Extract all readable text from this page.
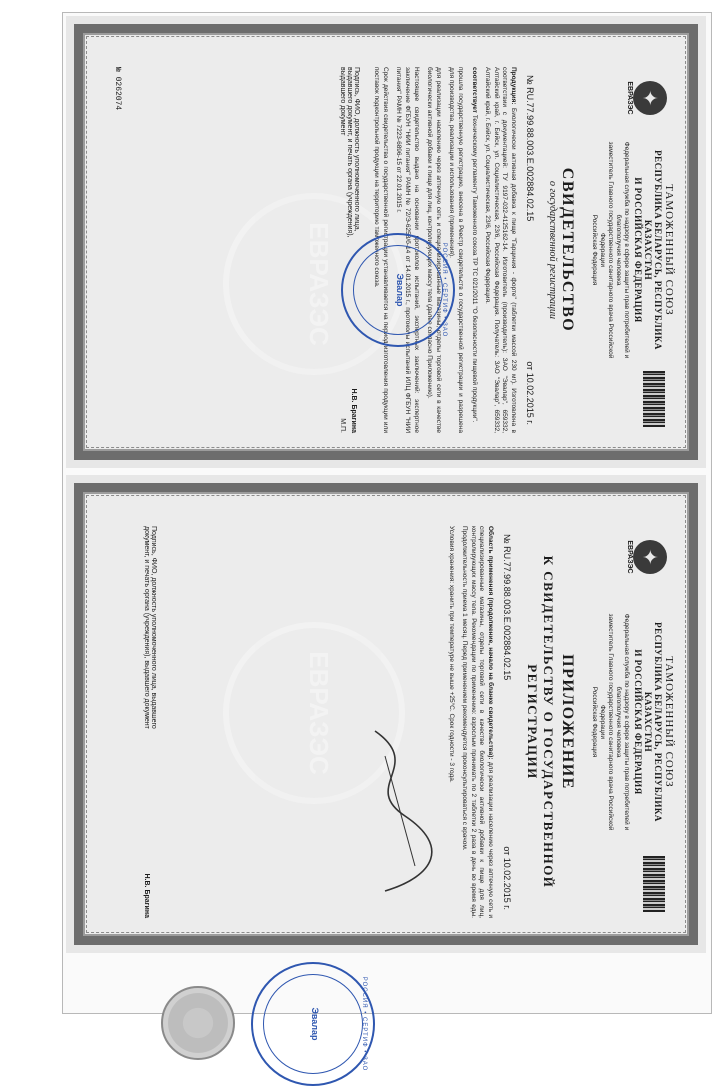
ЕВРАЗЭС
✦
ЕВРАЗЭС
ТАМОЖЕННЫЙ СОЮЗ
РЕСПУБЛИКА БЕЛАРУСЬ, РЕСПУБЛИКА КАЗАХСТАН
И РОССИЙСКАЯ ФЕДЕРАЦИЯ
Федеральная служба по надзору в сфере защиты прав потребителей и благополучия человека
заместитель Главного государственного санитарного врача Российской Федерации
Российская Федерация
СВИДЕТЕЛЬСТВО
о государственной регистрации
№ RU.77.99.88.003.E.002884.02.15
от 10.02.2015 г.

Продукция: Биологически активная добавка к пище "Гарциния - форте" (таблетки массой 230 мг). Изготовлена в соответствии с документацией: ТУ 9197-032-4125162-14. Изготовитель (производитель): ЗАО "Эвалар", 659332, Алтайский край, г. Бийск, ул. Социалистическая, 23/6, Российская Федерация. Получатель: ЗАО "Эвалар", 659332, Алтайский край, г. Бийск, ул. Социалистическая, 23/6, Российская Федерация.

соответствует Техническому регламенту Таможенного союза ТР ТС 021/2011 "О безопасности пищевой продукции".

прошла государственную регистрацию, внесена в Реестр свидетельств о государственной регистрации и разрешена для производства, реализации и использования (применения).

для реализации населению через аптечную сеть и специализированные магазины, отделы торговой сети в качестве биологически активной добавки к пище для лиц, контролирующих массу тела (далее согласно Приложению).

Настоящее свидетельство выдано на основании протоколов испытаний, экспертных заключений: экспертное заключение ФГБУН "НИИ питания" РАМН № 72/Э-6258/б-14 от 14.01.2015 г., протоколы испытаний ИЛЦ ФГБУН "НИИ питания" РАМН № 7223-6896-15 от 22.01.2015 г.

Срок действия свидетельства о государственной регистрации устанавливается на период изготовления продукции или поставок подконтрольной продукции на территорию таможенного союза.

Подпись, ФИО, должность уполномоченного лица, выдавшего документ, и печать органа (учреждения), выдавшего документ
Н.В. Брагина
М.П.
№ 0262074
РОССИЯ • СЕРТИФ • ЗАО
Эвалар
ЕВРАЗЭС
✦
ЕВРАЗЭС
ТАМОЖЕННЫЙ СОЮЗ
РЕСПУБЛИКА БЕЛАРУСЬ, РЕСПУБЛИКА КАЗАХСТАН
И РОССИЙСКАЯ ФЕДЕРАЦИЯ
Федеральная служба по надзору в сфере защиты прав потребителей и благополучия человека
заместитель Главного государственного санитарного врача Российской Федерации
Российская Федерация
ПРИЛОЖЕНИЕ
К СВИДЕТЕЛЬСТВУ О ГОСУДАРСТВЕННОЙ РЕГИСТРАЦИИ
№ RU.77.99.88.003.E.002884.02.15
от 10.02.2015 г.

Область применения (продолжение, начало на бланке свидетельства): для реализации населению через аптечную сеть и специализированные магазины, отделы торговой сети в качестве биологически активной добавки к пище для лиц, контролирующих массу тела. Рекомендации по применению: взрослым принимать по 2 таблетки 2 раза в день во время еды. Продолжительность приема 1 месяц. Перед применением рекомендуется проконсультироваться с врачом.

Условия хранения: хранить при температуре не выше +25°С. Срок годности - 3 года.

Подпись, ФИО, должность уполномоченного лица, выдавшего документ, и печать органа (учреждения), выдавшего документ
Н.В. Брагина
РОССИЯ • СЕРТИФ • ЗАО
Эвалар
